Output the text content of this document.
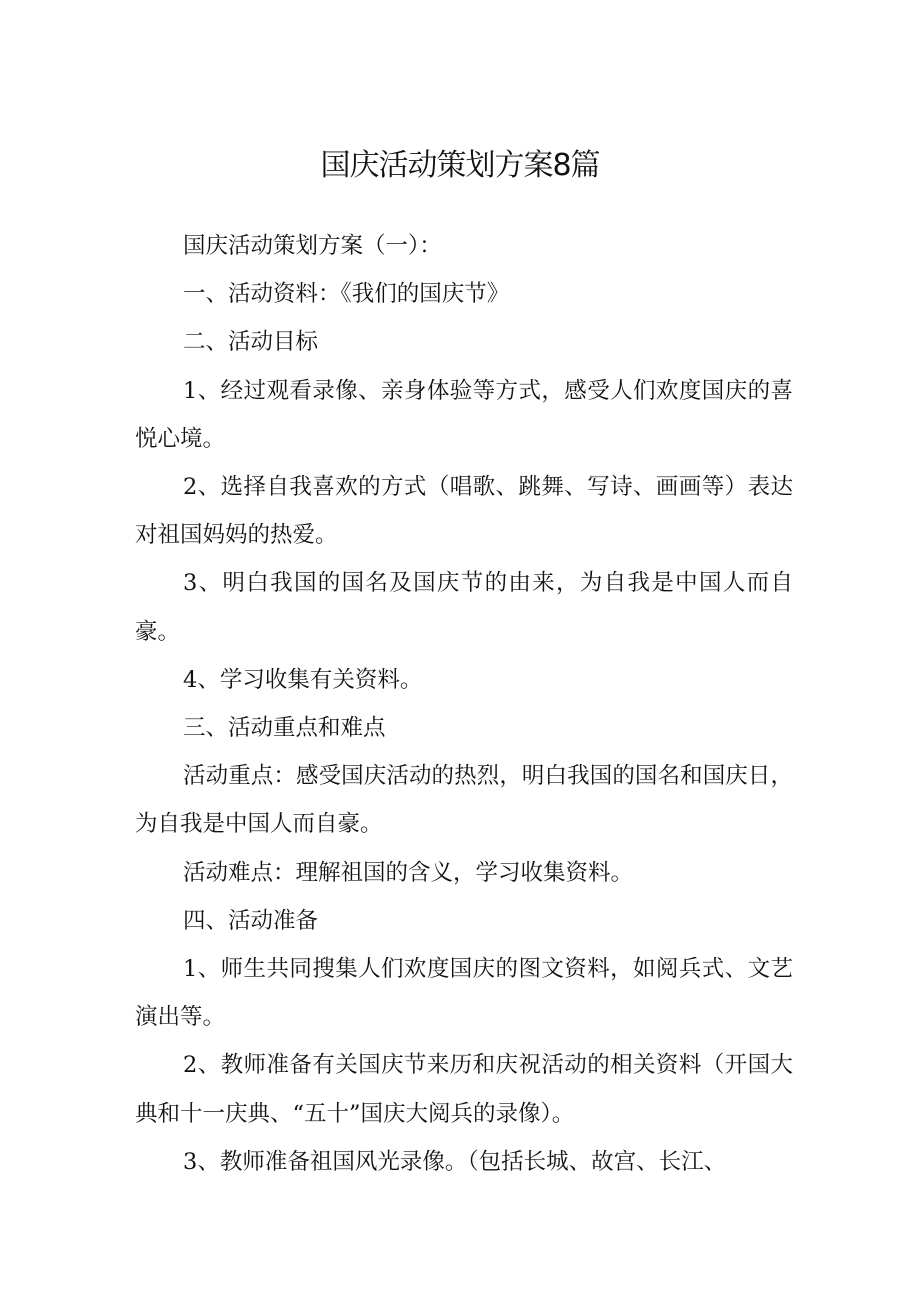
国庆活动策划方案8篇

国庆活动策划方案（一）：

一、活动资料：《我们的国庆节》

二、活动目标

1、经过观看录像、亲身体验等方式，感受人们欢度国庆的喜悦心境。

2、选择自我喜欢的方式（唱歌、跳舞、写诗、画画等）表达对祖国妈妈的热爱。

3、明白我国的国名及国庆节的由来，为自我是中国人而自豪。

4、学习收集有关资料。

三、活动重点和难点

活动重点：感受国庆活动的热烈，明白我国的国名和国庆日，为自我是中国人而自豪。

活动难点：理解祖国的含义，学习收集资料。

四、活动准备

1、师生共同搜集人们欢度国庆的图文资料，如阅兵式、文艺演出等。

2、教师准备有关国庆节来历和庆祝活动的相关资料（开国大典和十一庆典、“五十”国庆大阅兵的录像）。

3、教师准备祖国风光录像。（包括长城、故宫、长江、
